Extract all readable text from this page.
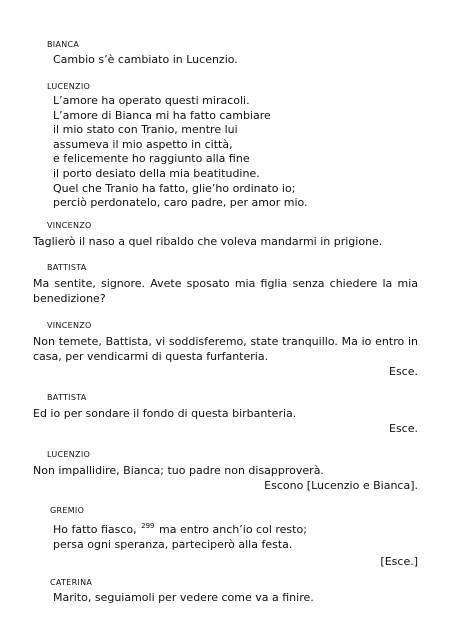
BIANCA
Cambio s’è cambiato in Lucenzio.
LUCENZIO
L’amore ha operato questi miracoli.
L’amore di Bianca mi ha fatto cambiare
il mio stato con Tranio, mentre lui
assumeva il mio aspetto in città,
e felicemente ho raggiunto alla fine
il porto desiato della mia beatitudine.
Quel che Tranio ha fatto, glie’ho ordinato io;
perciò perdonatelo, caro padre, per amor mio.
VINCENZO
Taglierò il naso a quel ribaldo che voleva mandarmi in prigione.
BATTISTA
Ma sentite, signore. Avete sposato mia figlia senza chiedere la mia benedizione?
VINCENZO
Non temete, Battista, vi soddisferemo, state tranquillo. Ma io entro in casa, per vendicarmi di questa furfanteria.
Esce.
BATTISTA
Ed io per sondare il fondo di questa birbanteria.
Esce.
LUCENZIO
Non impallidire, Bianca; tuo padre non disapproverà.
Escono [Lucenzio e Bianca].
GREMIO
Ho fatto fiasco, $^{299}$ ma entro anch’io col resto;
persa ogni speranza, parteciperò alla festa.
[Esce.]
CATERINA
Marito, seguiamoli per vedere come va a finire.
